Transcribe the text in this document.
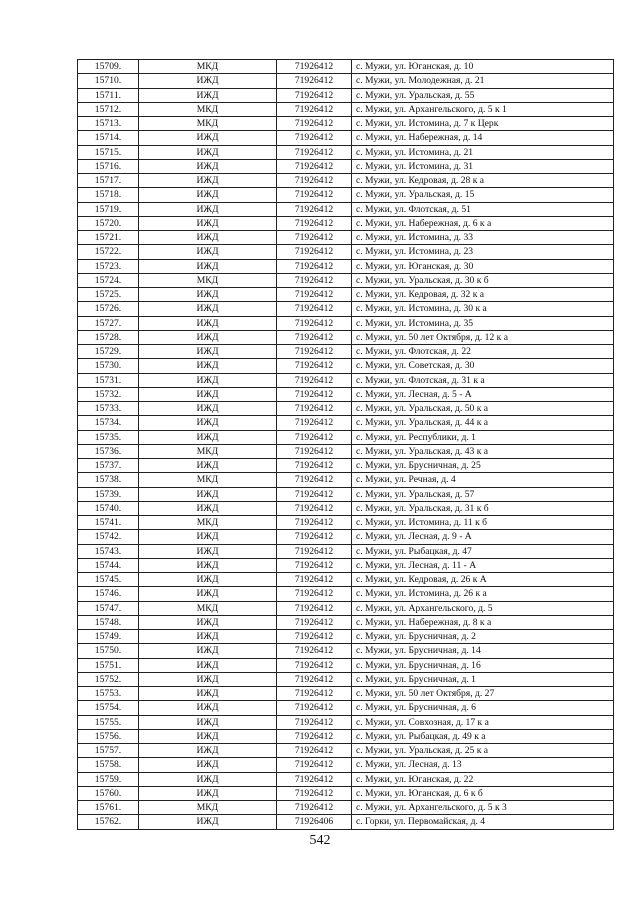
15709.	МКД	71926412	с. Мужи, ул. Юганская, д. 10
15710.	ИЖД	71926412	с. Мужи, ул. Молодежная, д. 21
15711.	ИЖД	71926412	с. Мужи, ул. Уральская, д. 55
15712.	МКД	71926412	с. Мужи, ул. Архангельского, д. 5 к 1
15713.	МКД	71926412	с. Мужи, ул. Истомина, д. 7 к Церк
15714.	ИЖД	71926412	с. Мужи, ул. Набережная, д. 14
15715.	ИЖД	71926412	с. Мужи, ул. Истомина, д. 21
15716.	ИЖД	71926412	с. Мужи, ул. Истомина, д. 31
15717.	ИЖД	71926412	с. Мужи, ул. Кедровая, д. 28 к а
15718.	ИЖД	71926412	с. Мужи, ул. Уральская, д. 15
15719.	ИЖД	71926412	с. Мужи, ул. Флотская, д. 51
15720.	ИЖД	71926412	с. Мужи, ул. Набережная, д. 6 к а
15721.	ИЖД	71926412	с. Мужи, ул. Истомина, д. 33
15722.	ИЖД	71926412	с. Мужи, ул. Истомина, д. 23
15723.	ИЖД	71926412	с. Мужи, ул. Юганская, д. 30
15724.	МКД	71926412	с. Мужи, ул. Уральская, д. 30 к б
15725.	ИЖД	71926412	с. Мужи, ул. Кедровая, д. 32 к а
15726.	ИЖД	71926412	с. Мужи, ул. Истомина, д. 30 к а
15727.	ИЖД	71926412	с. Мужи, ул. Истомина, д. 35
15728.	ИЖД	71926412	с. Мужи, ул. 50 лет Октября, д. 12 к а
15729.	ИЖД	71926412	с. Мужи, ул. Флотская, д. 22
15730.	ИЖД	71926412	с. Мужи, ул. Советская, д. 30
15731.	ИЖД	71926412	с. Мужи, ул. Флотская, д. 31 к а
15732.	ИЖД	71926412	с. Мужи, ул. Лесная, д. 5 - А
15733.	ИЖД	71926412	с. Мужи, ул. Уральская, д. 50 к а
15734.	ИЖД	71926412	с. Мужи, ул. Уральская, д. 44 к а
15735.	ИЖД	71926412	с. Мужи, ул. Республики, д. 1
15736.	МКД	71926412	с. Мужи, ул. Уральская, д. 43 к а
15737.	ИЖД	71926412	с. Мужи, ул. Брусничная, д. 25
15738.	МКД	71926412	с. Мужи, ул. Речная, д. 4
15739.	ИЖД	71926412	с. Мужи, ул. Уральская, д. 57
15740.	ИЖД	71926412	с. Мужи, ул. Уральская, д. 31 к б
15741.	МКД	71926412	с. Мужи, ул. Истомина, д. 11 к б
15742.	ИЖД	71926412	с. Мужи, ул. Лесная, д. 9 - А
15743.	ИЖД	71926412	с. Мужи, ул. Рыбацкая, д. 47
15744.	ИЖД	71926412	с. Мужи, ул. Лесная, д. 11 - А
15745.	ИЖД	71926412	с. Мужи, ул. Кедровая, д. 26 к А
15746.	ИЖД	71926412	с. Мужи, ул. Истомина, д. 26 к а
15747.	МКД	71926412	с. Мужи, ул. Архангельского, д. 5
15748.	ИЖД	71926412	с. Мужи, ул. Набережная, д. 8 к а
15749.	ИЖД	71926412	с. Мужи, ул. Брусничная, д. 2
15750.	ИЖД	71926412	с. Мужи, ул. Брусничная, д. 14
15751.	ИЖД	71926412	с. Мужи, ул. Брусничная, д. 16
15752.	ИЖД	71926412	с. Мужи, ул. Брусничная, д. 1
15753.	ИЖД	71926412	с. Мужи, ул. 50 лет Октября, д. 27
15754.	ИЖД	71926412	с. Мужи, ул. Брусничная, д. 6
15755.	ИЖД	71926412	с. Мужи, ул. Совхозная, д. 17 к а
15756.	ИЖД	71926412	с. Мужи, ул. Рыбацкая, д. 49 к а
15757.	ИЖД	71926412	с. Мужи, ул. Уральская, д. 25 к а
15758.	ИЖД	71926412	с. Мужи, ул. Лесная, д. 13
15759.	ИЖД	71926412	с. Мужи, ул. Юганская, д. 22
15760.	ИЖД	71926412	с. Мужи, ул. Юганская, д. 6 к б
15761.	МКД	71926412	с. Мужи, ул. Архангельского, д. 5 к 3
15762.	ИЖД	71926406	с. Горки, ул. Первомайская, д. 4
542
